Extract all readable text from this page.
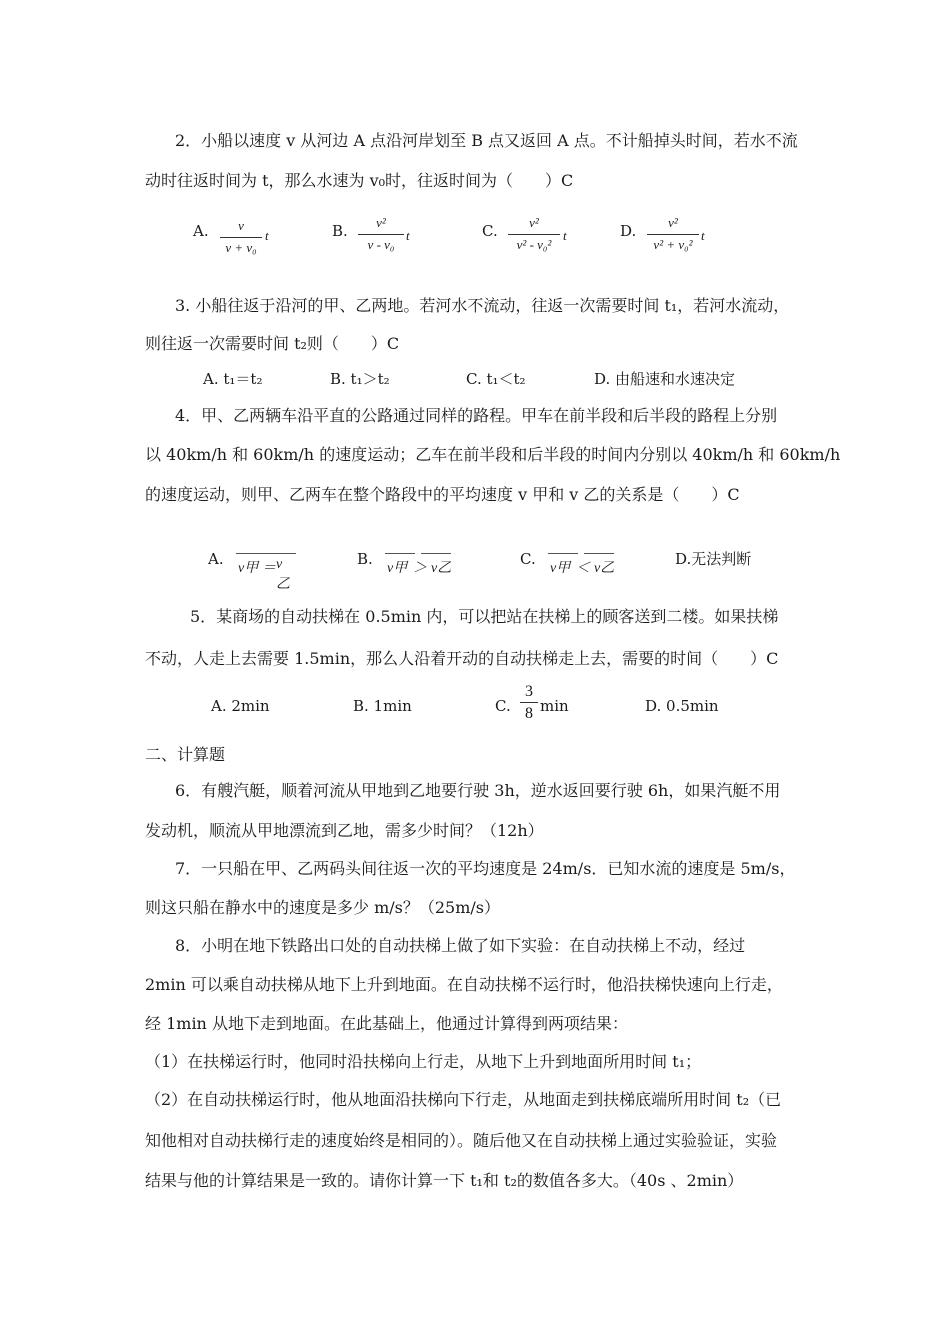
2．小船以速度 v 从河边 A 点沿河岸划至 B 点又返回 A 点。不计船掉头时间，若水不流
动时往返时间为 t，那么水速为 v₀时，往返时间为（　　）C
A.	v
v + v₀
t	B.	v²
v - v₀
t	C.	v²
v² - v₀²
t	D.	v²
v² + v₀²
t
3. 小船往返于沿河的甲、乙两地。若河水不流动，往返一次需要时间 t₁，若河水流动，
则往返一次需要时间 t₂则（　　）C
A. t₁＝t₂	B. t₁＞t₂	C. t₁＜t₂	D. 由船速和水速决定
4．甲、乙两辆车沿平直的公路通过同样的路程。甲车在前半段和后半段的路程上分别
以 40km/h 和 60km/h 的速度运动；乙车在前半段和后半段的时间内分别以 40km/h 和 60km/h
的速度运动，则甲、乙两车在整个路段中的平均速度 v 甲和 v 乙的关系是（　　）C
A.
v甲 ＝ v乙
B.
v甲 ＞ v乙
C.
v甲 ＜ v乙
D.无法判断
5．某商场的自动扶梯在 0.5min 内，可以把站在扶梯上的顾客送到二楼。如果扶梯
不动，人走上去需要 1.5min，那么人沿着开动的自动扶梯走上去，需要的时间（　　）C
A. 2min	B. 1min	C.
3
8 min	D. 0.5min
二、计算题
6．有艘汽艇，顺着河流从甲地到乙地要行驶 3h，逆水返回要行驶 6h，如果汽艇不用
发动机，顺流从甲地漂流到乙地，需多少时间？（12h）
7．一只船在甲、乙两码头间往返一次的平均速度是 24m/s．已知水流的速度是 5m/s，
则这只船在静水中的速度是多少 m/s？（25m/s）
8．小明在地下铁路出口处的自动扶梯上做了如下实验：在自动扶梯上不动，经过
2min 可以乘自动扶梯从地下上升到地面。在自动扶梯不运行时，他沿扶梯快速向上行走，
经 1min 从地下走到地面。在此基础上，他通过计算得到两项结果：
（1）在扶梯运行时，他同时沿扶梯向上行走，从地下上升到地面所用时间 t₁；
（2）在自动扶梯运行时，他从地面沿扶梯向下行走，从地面走到扶梯底端所用时间 t₂（已
知他相对自动扶梯行走的速度始终是相同的）。随后他又在自动扶梯上通过实验验证，实验
结果与他的计算结果是一致的。请你计算一下 t₁和 t₂的数值各多大。（40s 、2min）
